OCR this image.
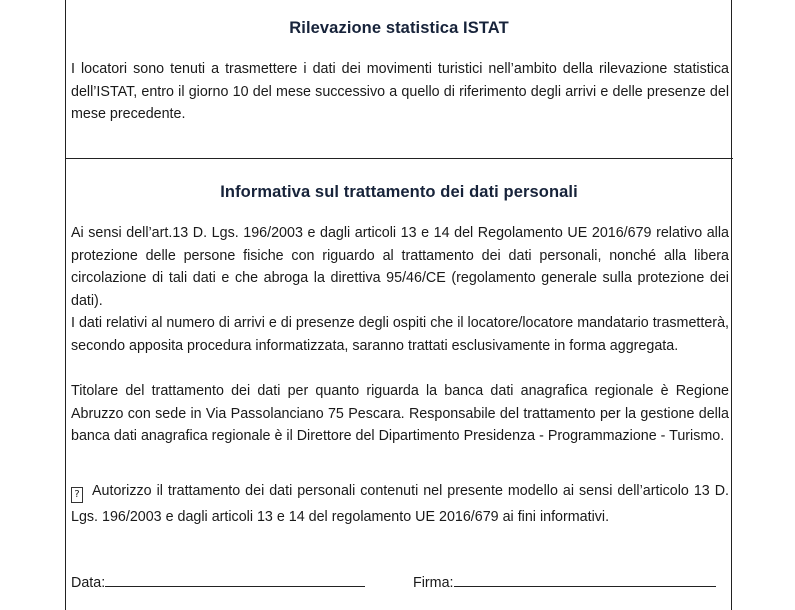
Rilevazione statistica ISTAT

I locatori sono tenuti a trasmettere i dati dei movimenti turistici nell’ambito della rilevazione statistica dell’ISTAT, entro il giorno 10 del mese successivo a quello di riferimento degli arrivi e delle presenze del mese precedente.

Informativa sul trattamento dei dati personali

Ai sensi dell’art.13 D. Lgs. 196/2003 e dagli articoli 13 e 14 del Regolamento UE 2016/679 relativo alla protezione delle persone fisiche con riguardo al trattamento dei dati personali, nonché alla libera circolazione di tali dati e che abroga la direttiva 95/46/CE (regolamento generale sulla protezione dei dati).

I dati relativi al numero di arrivi e di presenze degli ospiti che il locatore/locatore mandatario trasmetterà, secondo apposita procedura informatizzata, saranno trattati esclusivamente in forma aggregata.

Titolare del trattamento dei dati per quanto riguarda la banca dati anagrafica regionale è Regione Abruzzo con sede in Via Passolanciano 75 Pescara. Responsabile del trattamento per la gestione della banca dati anagrafica regionale è il Direttore del Dipartimento Presidenza - Programmazione - Turismo.

? Autorizzo il trattamento dei dati personali contenuti nel presente modello ai sensi dell’articolo 13 D. Lgs. 196/2003 e dagli articoli 13 e 14 del regolamento UE 2016/679 ai fini informativi.
Data:	Firma:
